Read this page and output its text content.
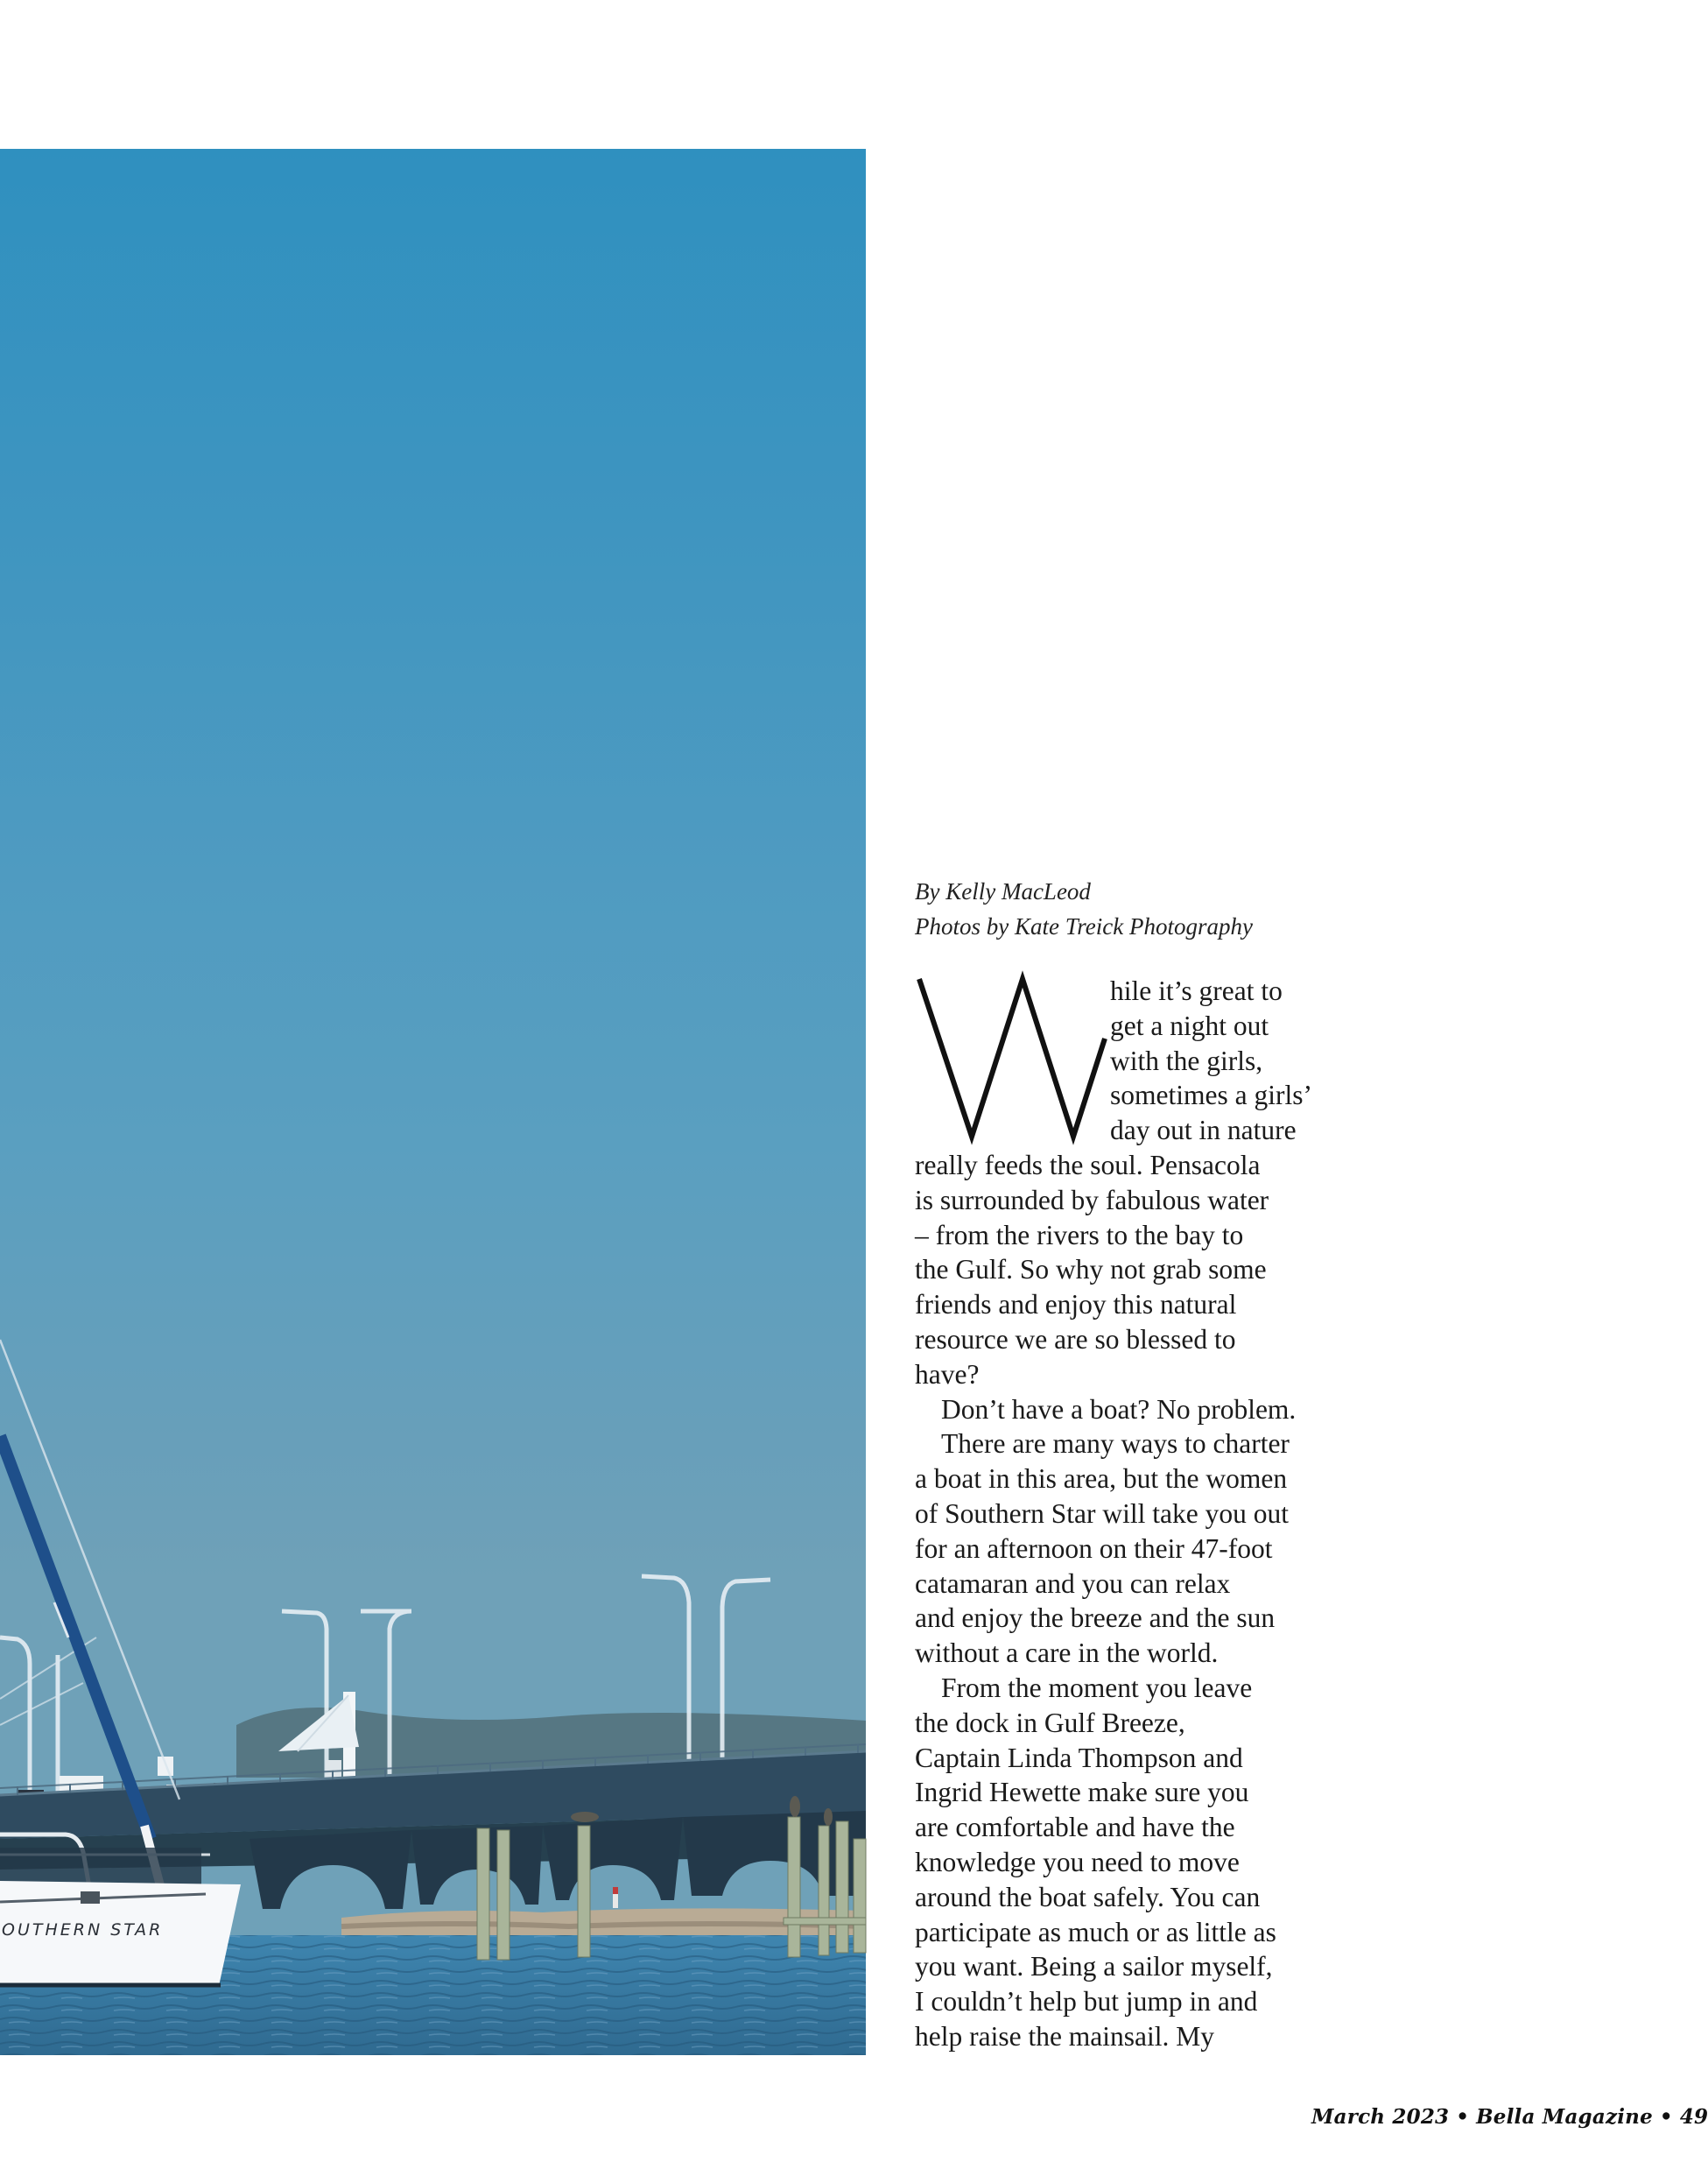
OUTHERN STAR
By Kelly MacLeod
Photos by Kate Treick Photography
hile it’s great to
get a night out
with the girls,
sometimes a girls’
day out in nature
really feeds the soul. Pensacola
is surrounded by fabulous water
– from the rivers to the bay to
the Gulf. So why not grab some
friends and enjoy this natural
resource we are so blessed to
have?
Don’t have a boat? No problem.
There are many ways to charter
a boat in this area, but the women
of Southern Star will take you out
for an afternoon on their 47-foot
catamaran and you can relax
and enjoy the breeze and the sun
without a care in the world.
From the moment you leave
the dock in Gulf Breeze,
Captain Linda Thompson and
Ingrid Hewette make sure you
are comfortable and have the
knowledge you need to move
around the boat safely. You can
participate as much or as little as
you want. Being a sailor myself,
I couldn’t help but jump in and
help raise the mainsail. My
March 2023 • Bella Magazine • 49
